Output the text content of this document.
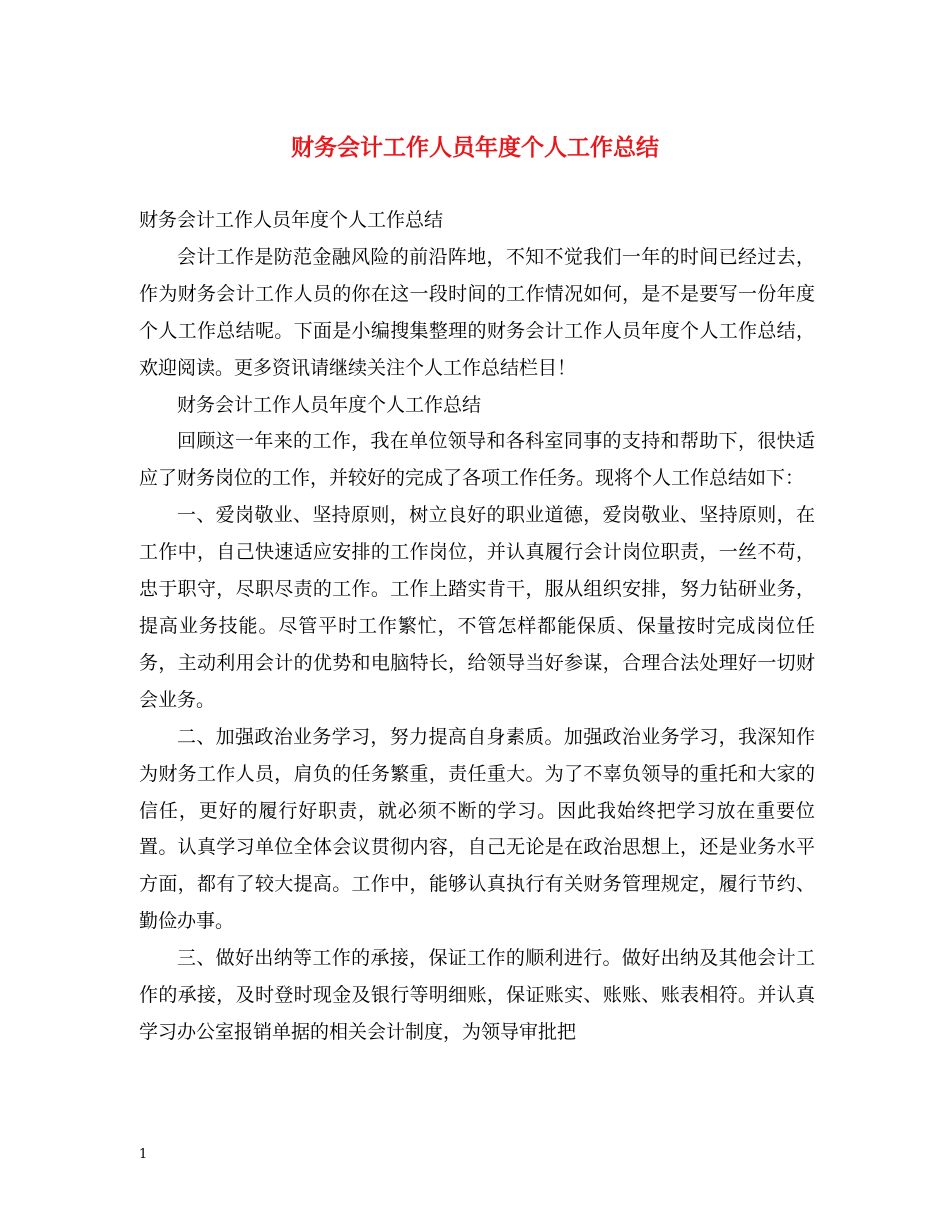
财务会计工作人员年度个人工作总结

财务会计工作人员年度个人工作总结

会计工作是防范金融风险的前沿阵地，不知不觉我们一年的时间已经过去，作为财务会计工作人员的你在这一段时间的工作情况如何，是不是要写一份年度个人工作总结呢。下面是小编搜集整理的财务会计工作人员年度个人工作总结，欢迎阅读。更多资讯请继续关注个人工作总结栏目！

财务会计工作人员年度个人工作总结

回顾这一年来的工作，我在单位领导和各科室同事的支持和帮助下，很快适应了财务岗位的工作，并较好的完成了各项工作任务。现将个人工作总结如下：

一、爱岗敬业、坚持原则，树立良好的职业道德，爱岗敬业、坚持原则，在工作中，自己快速适应安排的工作岗位，并认真履行会计岗位职责，一丝不苟，忠于职守，尽职尽责的工作。工作上踏实肯干，服从组织安排，努力钻研业务，提高业务技能。尽管平时工作繁忙，不管怎样都能保质、保量按时完成岗位任务，主动利用会计的优势和电脑特长，给领导当好参谋，合理合法处理好一切财会业务。

二、加强政治业务学习，努力提高自身素质。加强政治业务学习，我深知作为财务工作人员，肩负的任务繁重，责任重大。为了不辜负领导的重托和大家的信任，更好的履行好职责，就必须不断的学习。因此我始终把学习放在重要位置。认真学习单位全体会议贯彻内容，自己无论是在政治思想上，还是业务水平方面，都有了较大提高。工作中，能够认真执行有关财务管理规定，履行节约、勤俭办事。

三、做好出纳等工作的承接，保证工作的顺利进行。做好出纳及其他会计工作的承接，及时登时现金及银行等明细账，保证账实、账账、账表相符。并认真学习办公室报销单据的相关会计制度，为领导审批把

1
